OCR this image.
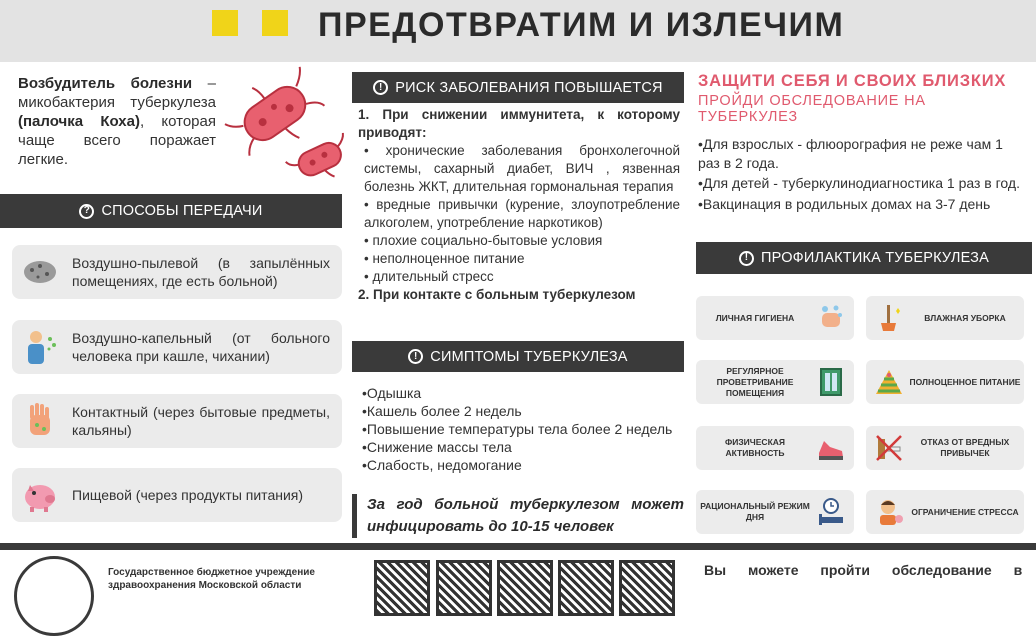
ПРЕДОТВРАТИМ И ИЗЛЕЧИМ
Возбудитель болезни –микобактерия туберкулеза (палочка Коха), которая чаще всего поражает легкие.
? СПОСОБЫ ПЕРЕДАЧИ
Воздушно-пылевой (в запылённых помещениях, где есть больной)
Воздушно-капельный (от больного человека при кашле, чихании)
Контактный (через бытовые предметы, кальяны)
Пищевой (через продукты питания)
! РИСК ЗАБОЛЕВАНИЯ ПОВЫШАЕТСЯ

1. При снижении иммунитета, к которому приводят:

• хронические заболевания бронхолегочной системы, сахарный диабет, ВИЧ , язвенная болезнь ЖКТ, длительная гормональная терапия

• вредные привычки (курение, злоупотребление алкоголем, употребление наркотиков)

• плохие социально-бытовые условия

• неполноценное питание

• длительный стресс

2. При контакте с больным туберкулезом

! СИМПТОМЫ ТУБЕРКУЛЕЗА
•Одышка
•Кашель более 2 недель
•Повышение температуры тела более 2 недель
•Снижение массы тела
•Слабость, недомогание
За год больной туберкулезом может инфицировать до 10-15 человек
ЗАЩИТИ СЕБЯ И СВОИХ БЛИЗКИХ
ПРОЙДИ ОБСЛЕДОВАНИЕ НА ТУБЕРКУЛЕЗ
•Для взрослых - флюорография не реже чам 1 раз в 2 года.
•Для детей - туберкулинодиагностика 1 раз в год.
•Вакцинация в родильных домах на 3-7 день
! ПРОФИЛАКТИКА ТУБЕРКУЛЕЗА
ЛИЧНАЯ ГИГИЕНА	ВЛАЖНАЯ УБОРКА
РЕГУЛЯРНОЕ ПРОВЕТРИВАНИЕ ПОМЕЩЕНИЯ
ПОЛНОЦЕННОЕ ПИТАНИЕ
ФИЗИЧЕСКАЯ АКТИВНОСТЬ
ОТКАЗ ОТ ВРЕДНЫХ ПРИВЫЧЕК
РАЦИОНАЛЬНЫЙ РЕЖИМ ДНЯ
ОГРАНИЧЕНИЕ СТРЕССА
Государственное бюджетное учреждение здравоохранения Московской области
Вы можете пройти обследование в
